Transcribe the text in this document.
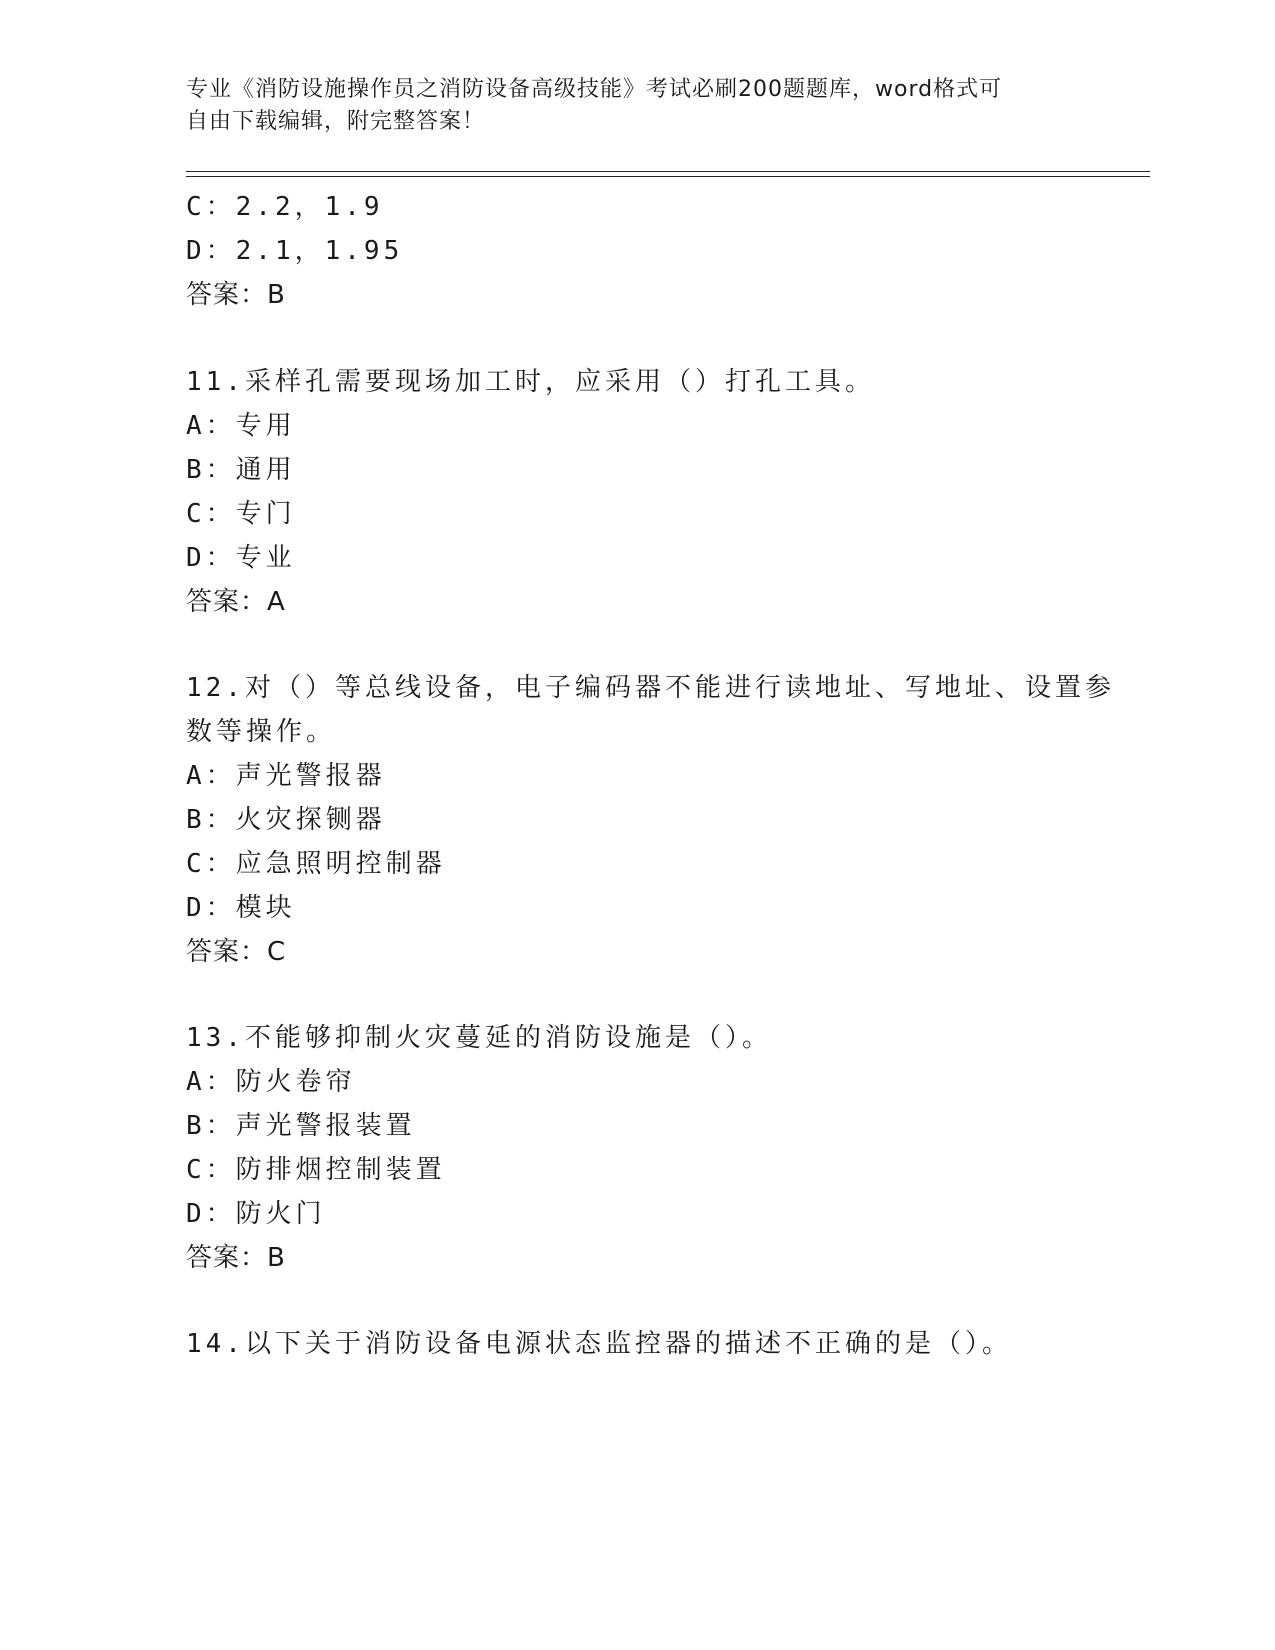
专业《消防设施操作员之消防设备高级技能》考试必刷200题题库，word格式可
自由下载编辑，附完整答案！
C：2.2，1.9
D：2.1，1.95
答案：B
11.采样孔需要现场加工时，应采用（）打孔工具。
A：专用
B：通用
C：专门
D：专业
答案：A
12.对（）等总线设备，电子编码器不能进行读地址、写地址、设置参
数等操作。
A：声光警报器
B：火灾探铡器
C：应急照明控制器
D：模块
答案：C
13.不能够抑制火灾蔓延的消防设施是（）。
A：防火卷帘
B：声光警报装置
C：防排烟控制装置
D：防火门
答案：B
14.以下关于消防设备电源状态监控器的描述不正确的是（）。
